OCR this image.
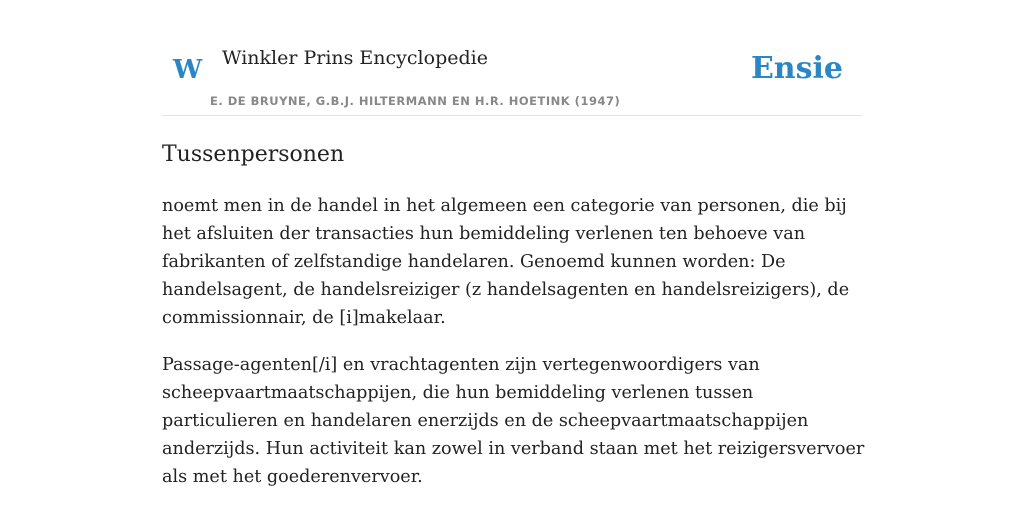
W Winkler Prins Encyclopedie
E. DE BRUYNE, G.B.J. HILTERMANN EN H.R. HOETINK (1947)
Ensie
Tussenpersonen

noemt men in de handel in het algemeen een categorie van personen, die bij het afsluiten der transacties hun bemiddeling verlenen ten behoeve van fabrikanten of zelfstandige handelaren. Genoemd kunnen worden: De handelsagent, de handelsreiziger (z handelsagenten en handelsreizigers), de commissionnair, de [i]makelaar.

Passage-agenten[/i] en vrachtagenten zijn vertegenwoordigers van scheepvaartmaatschappijen, die hun bemiddeling verlenen tussen particulieren en handelaren enerzijds en de scheepvaartmaatschappijen anderzijds. Hun activiteit kan zowel in verband staan met het reizigersvervoer als met het goederenvervoer.
